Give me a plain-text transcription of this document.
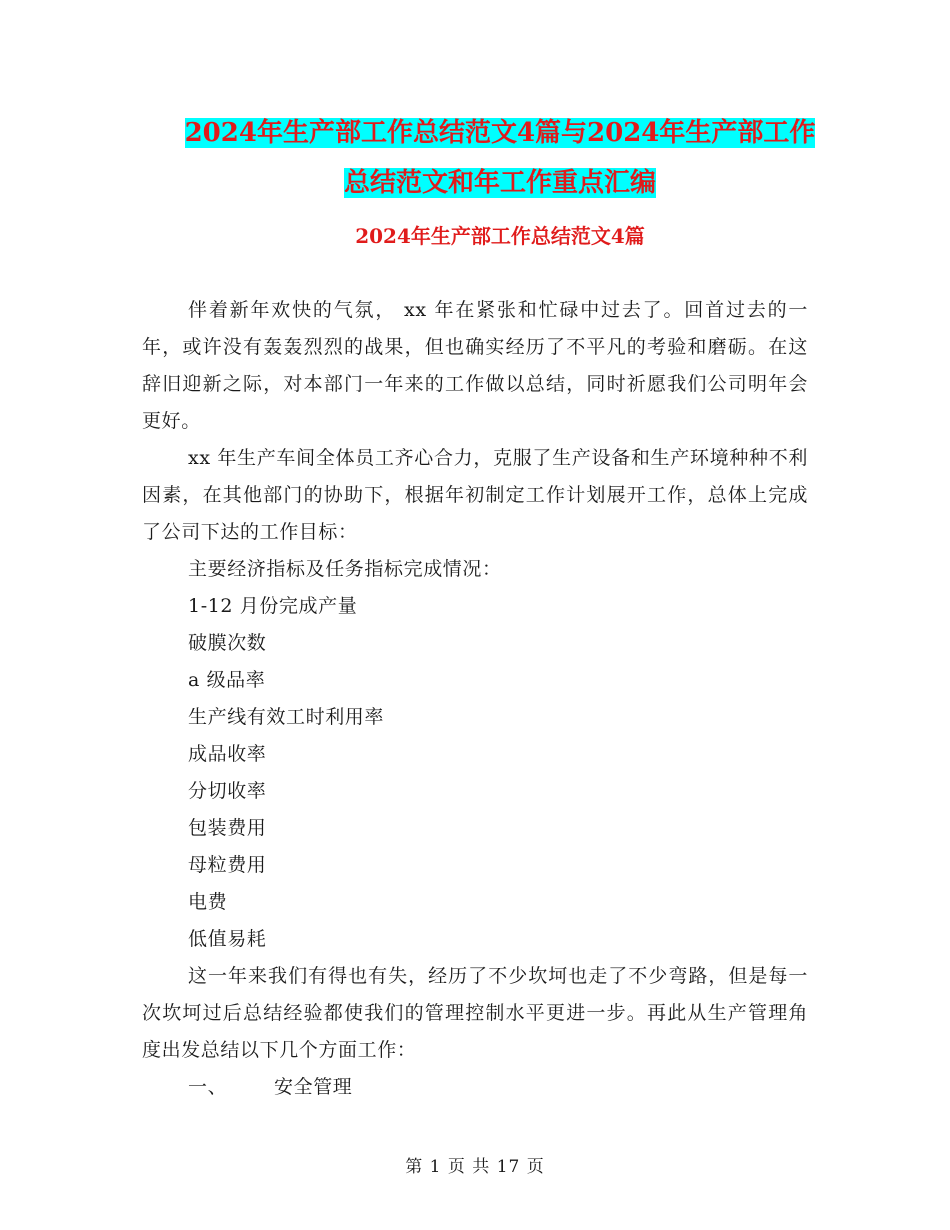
2024年生产部工作总结范文4篇与2024年生产部工作
总结范文和年工作重点汇编
2024年生产部工作总结范文4篇

伴着新年欢快的气氛， xx 年在紧张和忙碌中过去了。回首过去的一年，或许没有轰轰烈烈的战果，但也确实经历了不平凡的考验和磨砺。在这辞旧迎新之际，对本部门一年来的工作做以总结，同时祈愿我们公司明年会更好。

xx 年生产车间全体员工齐心合力，克服了生产设备和生产环境种种不利因素，在其他部门的协助下，根据年初制定工作计划展开工作，总体上完成了公司下达的工作目标：

主要经济指标及任务指标完成情况：

1-12 月份完成产量

破膜次数

a 级品率

生产线有效工时利用率

成品收率

分切收率

包装费用

母粒费用

电费

低值易耗

这一年来我们有得也有失，经历了不少坎坷也走了不少弯路，但是每一次坎坷过后总结经验都使我们的管理控制水平更进一步。再此从生产管理角度出发总结以下几个方面工作：

一、 安全管理

第 1 页 共 17 页
